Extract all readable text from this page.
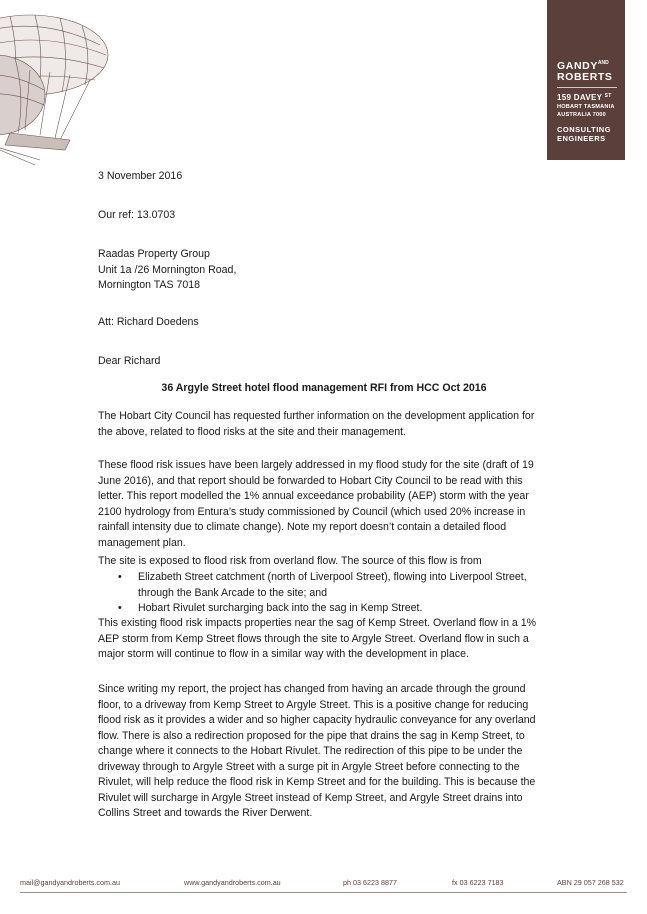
$GANDY^{AND}$
ROBERTS
159 DAVEY $^{ST}$
HOBART TASMANIA
AUSTRALIA 7000
CONSULTING
ENGINEERS

3 November 2016

Our ref: 13.0703

Raadas Property Group
Unit 1a /26 Mornington Road,
Mornington TAS 7018

Att: Richard Doedens

Dear Richard

36 Argyle Street hotel flood management RFI from HCC Oct 2016

The Hobart City Council has requested further information on the development application for the above, related to flood risks at the site and their management.

These flood risk issues have been largely addressed in my flood study for the site (draft of 19 June 2016), and that report should be forwarded to Hobart City Council to be read with this letter. This report modelled the 1% annual exceedance probability (AEP) storm with the year 2100 hydrology from Entura’s study commissioned by Council (which used 20% increase in rainfall intensity due to climate change). Note my report doesn’t contain a detailed flood management plan.

The site is exposed to flood risk from overland flow. The source of this flow is from

• Elizabeth Street catchment (north of Liverpool Street), flowing into Liverpool Street, through the Bank Arcade to the site; and
• Hobart Rivulet surcharging back into the sag in Kemp Street.

This existing flood risk impacts properties near the sag of Kemp Street. Overland flow in a 1% AEP storm from Kemp Street flows through the site to Argyle Street. Overland flow in such a major storm will continue to flow in a similar way with the development in place.

Since writing my report, the project has changed from having an arcade through the ground floor, to a driveway from Kemp Street to Argyle Street. This is a positive change for reducing flood risk as it provides a wider and so higher capacity hydraulic conveyance for any overland flow. There is also a redirection proposed for the pipe that drains the sag in Kemp Street, to change where it connects to the Hobart Rivulet. The redirection of this pipe to be under the driveway through to Argyle Street with a surge pit in Argyle Street before connecting to the Rivulet, will help reduce the flood risk in Kemp Street and for the building. This is because the Rivulet will surcharge in Argyle Street instead of Kemp Street, and Argyle Street drains into Collins Street and towards the River Derwent.

mail@gandyandroberts.com.au	www.gandyandroberts.com.au	ph 03 6223 8877	fx 03 6223 7183	ABN 29 057 268 532
